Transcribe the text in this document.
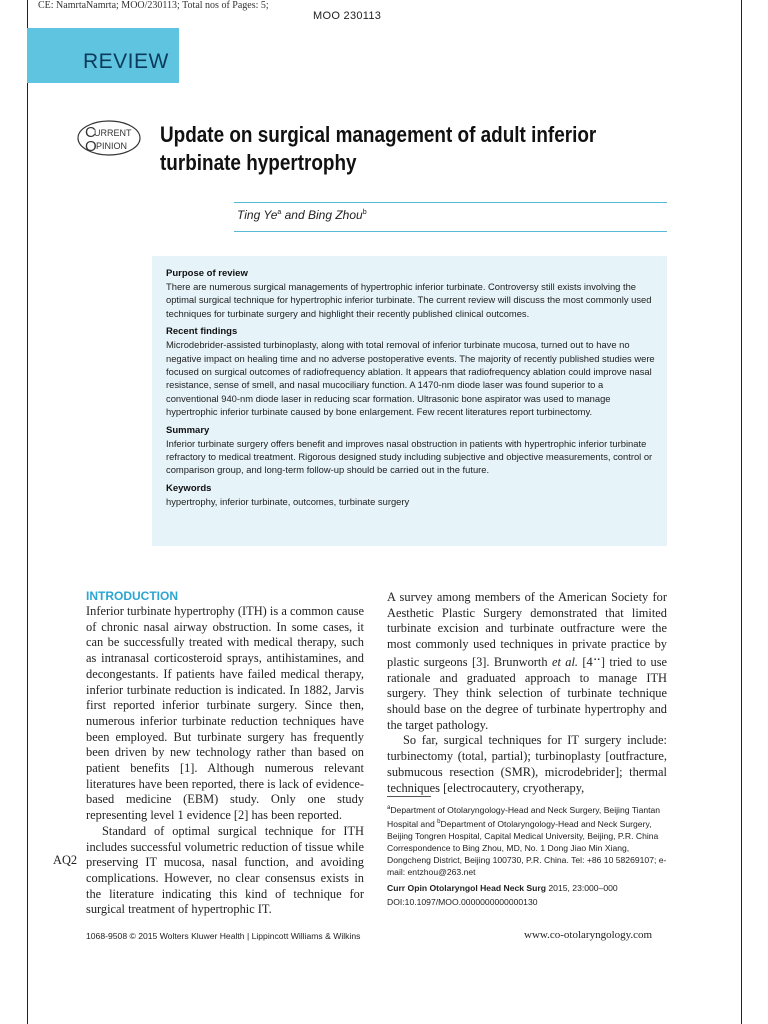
CE: NamrtaNamrta; MOO/230113; Total nos of Pages: 5;
MOO 230113
REVIEW
C
URRENT
O PINION Update on surgical management of adult inferior turbinate hypertrophy
Ting Ye$^a$ and Bing Zhou$^b$
Purpose of review

There are numerous surgical managements of hypertrophic inferior turbinate. Controversy still exists involving the optimal surgical technique for hypertrophic inferior turbinate. The current review will discuss the most commonly used techniques for turbinate surgery and highlight their recently published clinical outcomes.

Recent findings

Microdebrider-assisted turbinoplasty, along with total removal of inferior turbinate mucosa, turned out to have no negative impact on healing time and no adverse postoperative events. The majority of recently published studies were focused on surgical outcomes of radiofrequency ablation. It appears that radiofrequency ablation could improve nasal resistance, sense of smell, and nasal mucociliary function. A 1470-nm diode laser was found superior to a conventional 940-nm diode laser in reducing scar formation. Ultrasonic bone aspirator was used to manage hypertrophic inferior turbinate caused by bone enlargement. Few recent literatures report turbinectomy.

Summary

Inferior turbinate surgery offers benefit and improves nasal obstruction in patients with hypertrophic inferior turbinate refractory to medical treatment. Rigorous designed study including subjective and objective measurements, control or comparison group, and long-term follow-up should be carried out in the future.

Keywords

hypertrophy, inferior turbinate, outcomes, turbinate surgery

INTRODUCTION

Inferior turbinate hypertrophy (ITH) is a common cause of chronic nasal airway obstruction. In some cases, it can be successfully treated with medical therapy, such as intranasal corticosteroid sprays, antihistamines, and decongestants. If patients have failed medical therapy, inferior turbinate reduction is indicated. In 1882, Jarvis first reported inferior turbinate surgery. Since then, numerous inferior turbinate reduction techniques have been employed. But turbinate surgery has frequently been driven by new technology rather than based on patient benefits [1]. Although numerous relevant literatures have been reported, there is lack of evidence-based medicine (EBM) study. Only one study representing level 1 evidence [2] has been reported.

Standard of optimal surgical technique for ITH includes successful volumetric reduction of tissue while preserving IT mucosa, nasal function, and avoiding complications. However, no clear consensus exists in the literature indicating this kind of technique for surgical treatment of hypertrophic IT.

AQ2

A survey among members of the American Society for Aesthetic Plastic Surgery demonstrated that limited turbinate excision and turbinate outfracture were the most commonly used techniques in private practice by plastic surgeons [3]. Brunworth et al. [4▪▪] tried to use rationale and graduated approach to manage ITH surgery. They think selection of turbinate technique should base on the degree of turbinate hypertrophy and the target pathology.

So far, surgical techniques for IT surgery include: turbinectomy (total, partial); turbinoplasty [outfracture, submucous resection (SMR), microdebrider]; thermal techniques [electrocautery, cryotherapy,

$^a$Department of Otolaryngology-Head and Neck Surgery, Beijing Tiantan Hospital and $^b$Department of Otolaryngology-Head and Neck Surgery, Beijing Tongren Hospital, Capital Medical University, Beijing, P.R. China
Correspondence to Bing Zhou, MD, No. 1 Dong Jiao Min Xiang, Dongcheng District, Beijing 100730, P.R. China. Tel: +86 10 58269107; e-mail: entzhou@263.net
Curr Opin Otolaryngol Head Neck Surg 2015, 23:000–000
DOI:10.1097/MOO.0000000000000130
1068-9508 © 2015 Wolters Kluwer Health | Lippincott Williams & Wilkins	www.co-otolaryngology.com
